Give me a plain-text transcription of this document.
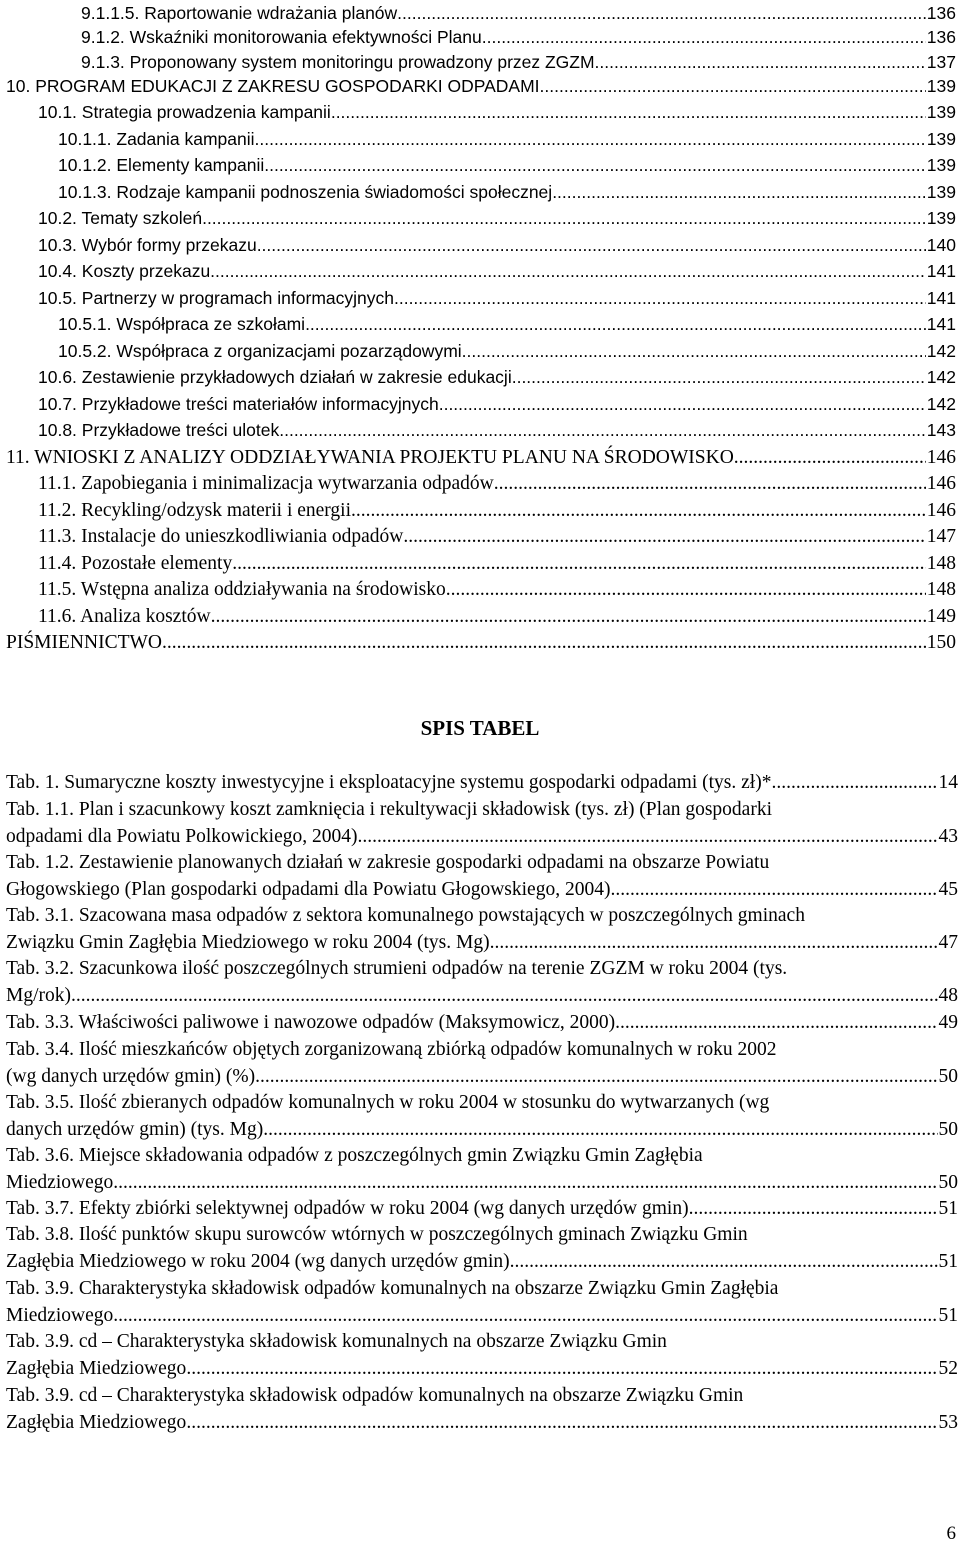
9.1.1.5. Raportowanie wdrażania planów .....	136
9.1.2. Wskaźniki monitorowania efektywności Planu. .....	136
9.1.3. Proponowany system monitoringu prowadzony przez ZGZM. .....	137
10. PROGRAM EDUKACJI Z ZAKRESU GOSPODARKI ODPADAMI .....	139
10.1. Strategia prowadzenia kampanii .....	139
10.1.1. Zadania kampanii .....	139
10.1.2. Elementy kampanii .....	139
10.1.3. Rodzaje kampanii podnoszenia świadomości społecznej .....	139
10.2. Tematy szkoleń .....	139
10.3. Wybór formy przekazu .....	140
10.4. Koszty przekazu .....	141
10.5. Partnerzy w programach informacyjnych .....	141
10.5.1. Współpraca ze szkołami .....	141
10.5.2. Współpraca z organizacjami pozarządowymi .....	142
10.6. Zestawienie przykładowych działań w zakresie edukacji .....	142
10.7. Przykładowe treści materiałów informacyjnych .....	142
10.8. Przykładowe treści ulotek .....	143
11. WNIOSKI Z ANALIZY ODDZIAŁYWANIA PROJEKTU PLANU NA ŚRODOWISKO .....	146
11.1. Zapobiegania i minimalizacja wytwarzania odpadów .....	146
11.2. Recykling/odzysk materii i energii .....	146
11.3. Instalacje do unieszkodliwiania odpadów .....	147
11.4. Pozostałe elementy .....	148
11.5. Wstępna analiza oddziaływania na środowisko .....	148
11.6. Analiza kosztów .....	149
PIŚMIENNICTWO .....	150
SPIS TABEL
Tab. 1. Sumaryczne koszty inwestycyjne i eksploatacyjne systemu gospodarki odpadami (tys. zł)* .....	14
Tab. 1.1. Plan i szacunkowy koszt zamknięcia i rekultywacji składowisk (tys. zł) (Plan gospodarki
odpadami dla Powiatu Polkowickiego, 2004) .....	43
Tab. 1.2. Zestawienie planowanych działań w zakresie gospodarki odpadami na obszarze Powiatu
Głogowskiego (Plan gospodarki odpadami dla Powiatu Głogowskiego, 2004) .....	45
Tab. 3.1. Szacowana masa odpadów z sektora komunalnego powstających w poszczególnych gminach
Związku Gmin Zagłębia Miedziowego w roku 2004 (tys. Mg) .....	47
Tab. 3.2. Szacunkowa ilość poszczególnych strumieni odpadów na terenie ZGZM w roku 2004 (tys.
Mg/rok) .....	48
Tab. 3.3. Właściwości paliwowe i nawozowe odpadów (Maksymowicz, 2000) .....	49
Tab. 3.4. Ilość mieszkańców objętych zorganizowaną zbiórką odpadów komunalnych w roku 2002
(wg danych urzędów gmin) (%) .....	50
Tab. 3.5. Ilość zbieranych odpadów komunalnych w roku 2004 w stosunku do wytwarzanych (wg
danych urzędów gmin) (tys. Mg) .....	50
Tab. 3.6. Miejsce składowania odpadów z poszczególnych gmin Związku Gmin Zagłębia
Miedziowego .....	50
Tab. 3.7. Efekty zbiórki selektywnej odpadów w roku 2004 (wg danych urzędów gmin) .....	51
Tab. 3.8. Ilość punktów skupu surowców wtórnych w poszczególnych gminach Związku Gmin
Zagłębia Miedziowego w roku 2004 (wg danych urzędów gmin) .....	51
Tab. 3.9. Charakterystyka składowisk odpadów komunalnych na obszarze Związku Gmin Zagłębia
Miedziowego .....	51
Tab. 3.9. cd – Charakterystyka składowisk komunalnych na obszarze Związku Gmin
Zagłębia Miedziowego .....	52
Tab. 3.9. cd – Charakterystyka składowisk odpadów komunalnych na obszarze Związku Gmin
Zagłębia Miedziowego .....	53
6
